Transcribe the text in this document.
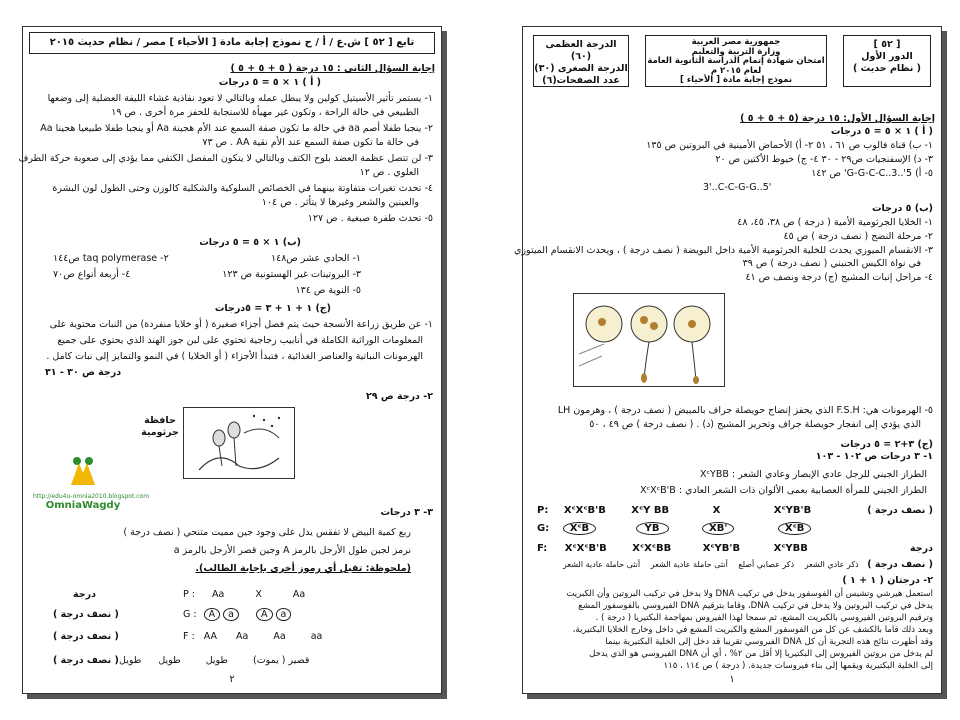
تابع [ ٥٢ ] ش.ع / أ / ح نموذج إجابة مادة [ الأحياء ] مصر / نظام حديث ٢٠١٥
إجابة السؤال الثاني : ١٥ درجة ( ٥ + ٥ + ٥ )
( أ ) ١ × ٥ = ٥ درجات
١- يستمر تأثير الأسيتيل كولين ولا يبطل عمله وبالتالي لا تعود نفاذية غشاء الليفة العضلية إلى وضعها
الطبيعي في حالة الراحة ، وتكون غير مهيأة للاستجابة للحفز مرة أخرى . ص ١٩
٢- ينجبا طفلا أصم aa في حالة ما تكون صفة السمع عند الأم هجينة Aa أو ينجبا طفلا طبيعيا هجينا Aa
في حالة ما تكون صفة السمع عند الأم نقية AA . ص ٧٣
٣- لن تتصل عظمة العضد بلوح الكتف وبالتالي لا يتكون المفصل الكتفي مما يؤدي إلى صعوبة حركة الطرف
العلوي . ص ١٢
٤- تحدث تغيرات متفاوتة بينهما في الخصائص السلوكية والشكلية كالوزن وحتى الطول لون البشرة
والعينين والشعر وغيرها لا يتأثر . ص ١٠٤
٥- تحدث طفرة صبغية . ص ١٢٧
(ب) ١ × ٥ = ٥ درجات
١- الحادي عشر ص١٤٨
٢- taq polymerase ص١٤٤
٣- البروتينات غير الهستونية ص ١٢٣
٤- أربعة أنواع ص٧٠
٥- النوية ص ١٣٤
(ج) ١ + ١ + ٣ = ٥درجات
١- عن طريق زراعة الأنسجة حيث يتم فصل أجزاء صغيرة ( أو خلايا منفردة) من النبات محتوية على
المعلومات الوراثية الكاملة في أنابيب زجاجية تحتوي على لبن جوز الهند الذي يحتوي على جميع
الهرمونات النباتية والعناصر الغذائية ، فتبدأ الأجزاء ( أو الخلايا ) في النمو والتمايز إلى نبات كامل .
درجة ص ٣٠ - ٣١
٢- درجة ص ٢٩
حافظة جرثومية
http://edu4u-omnia2010.blogspot.com
OmniaWagdy
٣- ٣ درجات
ربع كمية البيض لا تفقس يدل على وجود جين مميت متنحي ( نصف درجة )
نرمز لجين طول الأرجل بالرمز A وجين قصر الأرجل بالرمز a
(ملحوظة: تقبل أي رموز أخرى بإجابة الطالب).
درجة	P : Aa	X	Aa
G : A a	A a
( نصف درجة )
F : AA Aa	Aa	aa
( نصف درجة )
قصير ( يموت) طويل طويل طويل
( نصف درجة )
٢
الدرجة العظمى (٦٠)
الدرجة الصغرى (٣٠)
عدد الصفحات(٦)
جمهورية مصر العربية
وزارة التربية والتعليم
امتحان شهادة إتمام الدراسة الثانوية العامة
لعام ٢٠١٥ م
نموذج إجابة مادة [ الأحياء ]
[ ٥٢ ]
الدور الأول
( نظام حديث )
إجابة السؤال الأول: ١٥ درجة (٥ + ٥ + ٥ )
( أ ) ١ × ٥ = ٥ درجات
١- ب) قناة فالوب ص ٦١ ، ٥١ ٢- أ) الأحماض الأمينية في البروتين ص ١٣٥
٣- د) الإسفنجيات ص٢٩ - ٣٠ ٤- ج) خيوط الأكتين ص ٢٠
٥- أ) 5'..G-G-C-C..3' ص ١٤٢
3'..C-C-G-G..5'
(ب) ٥ درجات
١- الخلايا الجرثومية الأمية ( درجة ) ص ٣٨، ٤٥، ٤٨
٢- مرحلة النضج ( نصف درجة ) ص ٤٥
٣- الانقسام الميوزي يحدث للخلية الجرثومية الأمية داخل البويضة ( نصف درجة ) ، ويحدث الانقسام الميتوزي
في نواة الكيس الجنيني ( نصف درجة ) ص ٣٩
٤- مراحل إنبات المشيج (ج) درجة ونصف ص ٤١
٥- الهرمونات هي: F.S.H الذي يحفز إنضاج حويصلة جراف بالمبيض ( نصف درجة ) ، وهرمون LH
الذي يؤدي إلى انفجار حويصلة جراف وتحرير المشيج (د) . ( نصف درجة ) ص ٤٩ ، ٥٠
(ج) ٣+٢ = ٥ درجات
١- ٣ درجات ص ١٠٢ - ١٠٣
الطراز الجيني للرجل عادي الإبصار وعادي الشعر : XᶜYBB
الطراز الجيني للمرأة العصابية بعمى الألوان ذات الشعر العادي : XᶜXᶜB'B
P: XᶜXᶜB'B	XᶜY BB	X	XᶜYB'B	( نصف درجة )
G: XᶜB	YB	XB'	XᶜB
F: XᶜXᶜB'B	XᶜXᶜBB	XᶜYB'B	XᶜYBB	درجة
ذكر عادي الشعر ذكر عصابي أصلع أنثى حاملة عادية الشعر أنثى حاملة عادية الشعر	( نصف درجة )
٢- درجتان ( ١ + ١ )
استعمل هيرشي وتشيس أن الفوسفور يدخل في تركيب DNA ولا يدخل في تركيب البروتين وأن الكبريت
يدخل في تركيب البروتين ولا يدخل في تركيب DNA، وقاما بترقيم DNA الفيروسي بالفوسفور المشع
وترقيم البروتين الفيروسي بالكبريت المشع، ثم سمحا لهذا الفيروس بمهاجمة البكتيريا ( درجة ) .
وبعد ذلك قاما بالكشف عن كل من الفوسفور المشع والكبريت المشع في داخل وخارج الخلايا البكتيرية،
وقد أظهرت نتائج هذه التجربة أن كل DNA الفيروسي تقريبا قد دخل إلى الخلية البكتيرية بينما
لم يدخل من بروتين الفيروس إلى البكتيريا إلا أقل من ٢% ، أي أن DNA الفيروسي هو الذي يدخل
إلى الخلية البكتيرية ويقمها إلى بناء فيروسات جديدة. ( درجة ) ص ١١٤ ، ١١٥
١
